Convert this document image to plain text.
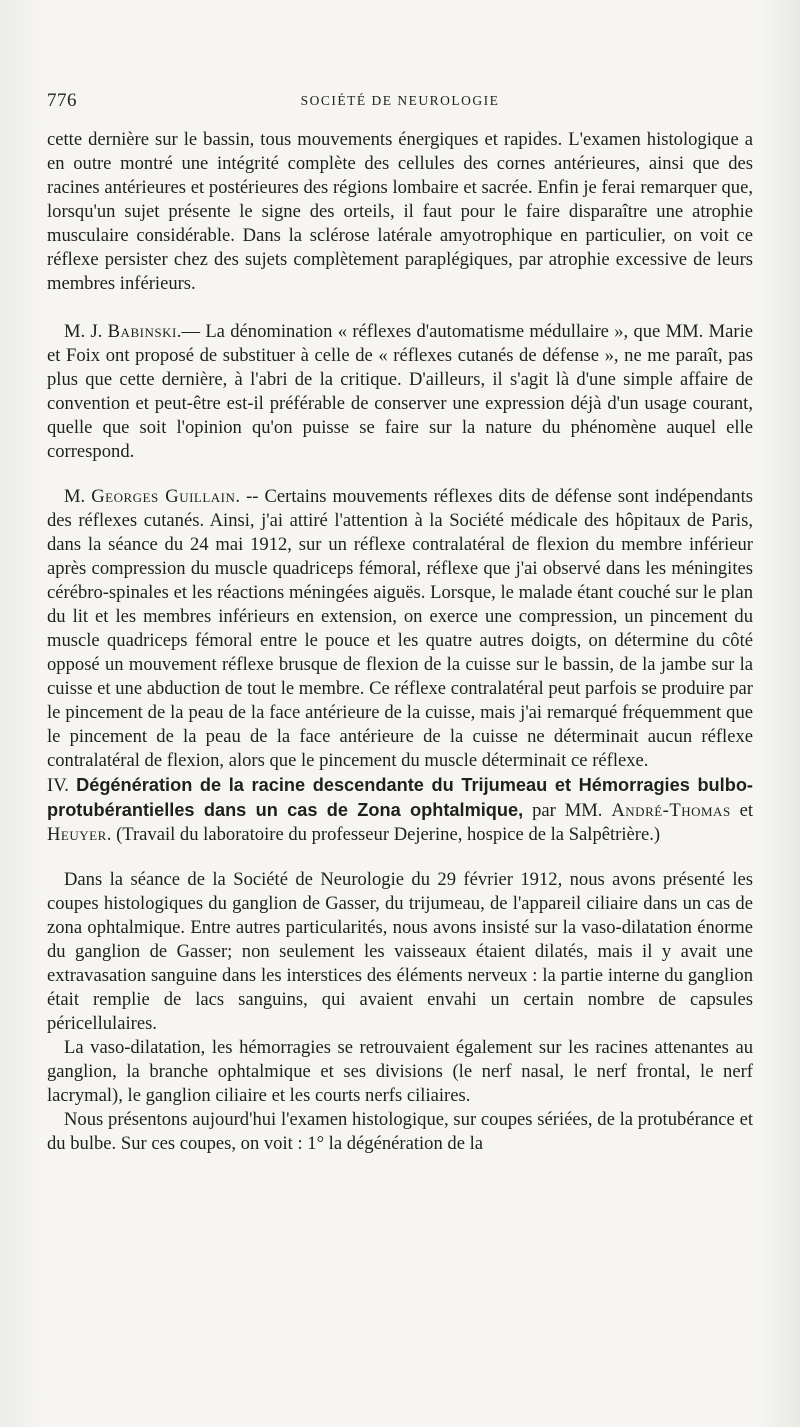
776	SOCIÉTÉ DE NEUROLOGIE

cette dernière sur le bassin, tous mouvements énergiques et rapides. L'examen histologique a en outre montré une intégrité complète des cellules des cornes antérieures, ainsi que des racines antérieures et postérieures des régions lombaire et sacrée. Enfin je ferai remarquer que, lorsqu'un sujet présente le signe des orteils, il faut pour le faire disparaître une atrophie musculaire considérable. Dans la sclérose latérale amyotrophique en particulier, on voit ce réflexe persister chez des sujets complètement paraplégiques, par atrophie excessive de leurs membres inférieurs.

M. J. Babinski.— La dénomination « réflexes d'automatisme médullaire », que MM. Marie et Foix ont proposé de substituer à celle de « réflexes cutanés de défense », ne me paraît, pas plus que cette dernière, à l'abri de la critique. D'ailleurs, il s'agit là d'une simple affaire de convention et peut-être est-il préférable de conserver une expression déjà d'un usage courant, quelle que soit l'opinion qu'on puisse se faire sur la nature du phénomène auquel elle correspond.

M. Georges Guillain. -- Certains mouvements réflexes dits de défense sont indépendants des réflexes cutanés. Ainsi, j'ai attiré l'attention à la Société médicale des hôpitaux de Paris, dans la séance du 24 mai 1912, sur un réflexe contralatéral de flexion du membre inférieur après compression du muscle quadriceps fémoral, réflexe que j'ai observé dans les méningites cérébro-spinales et les réactions méningées aiguës. Lorsque, le malade étant couché sur le plan du lit et les membres inférieurs en extension, on exerce une compression, un pincement du muscle quadriceps fémoral entre le pouce et les quatre autres doigts, on détermine du côté opposé un mouvement réflexe brusque de flexion de la cuisse sur le bassin, de la jambe sur la cuisse et une abduction de tout le membre. Ce réflexe contralatéral peut parfois se produire par le pincement de la peau de la face antérieure de la cuisse, mais j'ai remarqué fréquemment que le pincement de la peau de la face antérieure de la cuisse ne déterminait aucun réflexe contralatéral de flexion, alors que le pincement du muscle déterminait ce réflexe.

IV. Dégénération de la racine descendante du Trijumeau et Hémorragies bulbo-protubérantielles dans un cas de Zona ophtalmique, par MM. André-Thomas et Heuyer. (Travail du laboratoire du professeur Dejerine, hospice de la Salpêtrière.)

Dans la séance de la Société de Neurologie du 29 février 1912, nous avons présenté les coupes histologiques du ganglion de Gasser, du trijumeau, de l'appareil ciliaire dans un cas de zona ophtalmique. Entre autres particularités, nous avons insisté sur la vaso-dilatation énorme du ganglion de Gasser; non seulement les vaisseaux étaient dilatés, mais il y avait une extravasation sanguine dans les interstices des éléments nerveux : la partie interne du ganglion était remplie de lacs sanguins, qui avaient envahi un certain nombre de capsules péricellulaires.

La vaso-dilatation, les hémorragies se retrouvaient également sur les racines attenantes au ganglion, la branche ophtalmique et ses divisions (le nerf nasal, le nerf frontal, le nerf lacrymal), le ganglion ciliaire et les courts nerfs ciliaires.

Nous présentons aujourd'hui l'examen histologique, sur coupes sériées, de la protubérance et du bulbe. Sur ces coupes, on voit : 1° la dégénération de la
